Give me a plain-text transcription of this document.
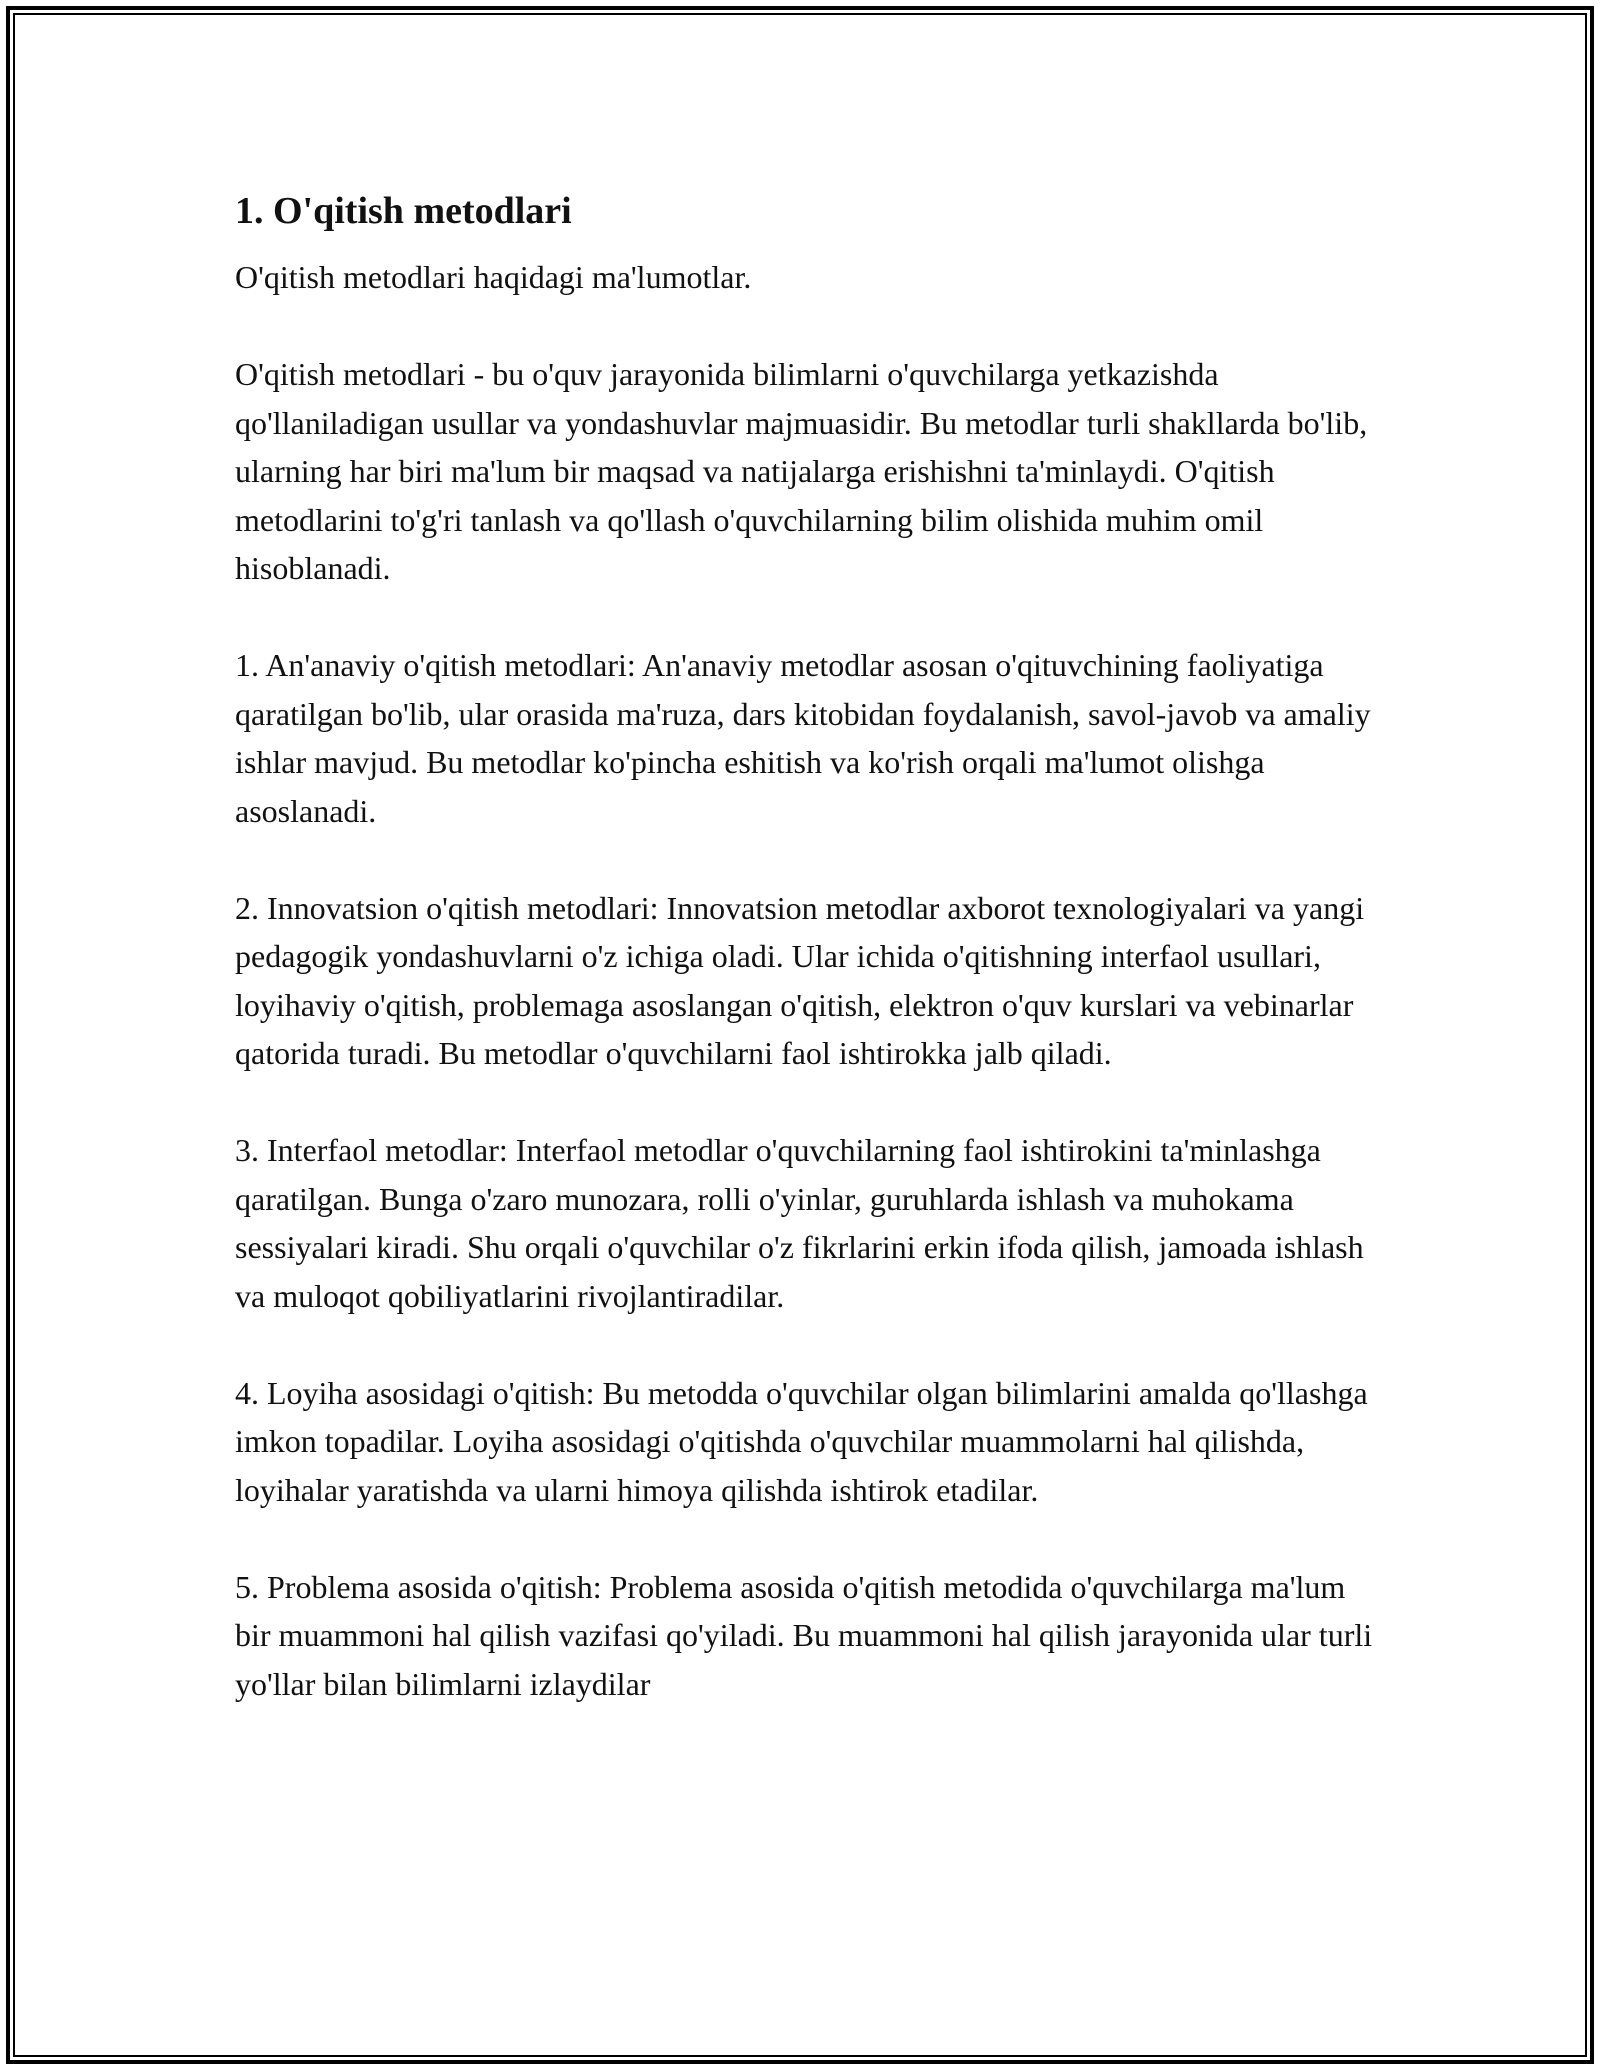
1. O'qitish metodlari

O'qitish metodlari haqidagi ma'lumotlar.

O'qitish metodlari - bu o'quv jarayonida bilimlarni o'quvchilarga yetkazishda qo'llaniladigan usullar va yondashuvlar majmuasidir. Bu metodlar turli shakllarda bo'lib, ularning har biri ma'lum bir maqsad va natijalarga erishishni ta'minlaydi. O'qitish metodlarini to'g'ri tanlash va qo'llash o'quvchilarning bilim olishida muhim omil hisoblanadi.

1. An'anaviy o'qitish metodlari: An'anaviy metodlar asosan o'qituvchining faoliyatiga qaratilgan bo'lib, ular orasida ma'ruza, dars kitobidan foydalanish, savol-javob va amaliy ishlar mavjud. Bu metodlar ko'pincha eshitish va ko'rish orqali ma'lumot olishga asoslanadi.

2. Innovatsion o'qitish metodlari: Innovatsion metodlar axborot texnologiyalari va yangi pedagogik yondashuvlarni o'z ichiga oladi. Ular ichida o'qitishning interfaol usullari, loyihaviy o'qitish, problemaga asoslangan o'qitish, elektron o'quv kurslari va vebinarlar qatorida turadi. Bu metodlar o'quvchilarni faol ishtirokka jalb qiladi.

3. Interfaol metodlar: Interfaol metodlar o'quvchilarning faol ishtirokini ta'minlashga qaratilgan. Bunga o'zaro munozara, rolli o'yinlar, guruhlarda ishlash va muhokama sessiyalari kiradi. Shu orqali o'quvchilar o'z fikrlarini erkin ifoda qilish, jamoada ishlash va muloqot qobiliyatlarini rivojlantiradilar.

4. Loyiha asosidagi o'qitish: Bu metodda o'quvchilar olgan bilimlarini amalda qo'llashga imkon topadilar. Loyiha asosidagi o'qitishda o'quvchilar muammolarni hal qilishda, loyihalar yaratishda va ularni himoya qilishda ishtirok etadilar.

5. Problema asosida o'qitish: Problema asosida o'qitish metodida o'quvchilarga ma'lum bir muammoni hal qilish vazifasi qo'yiladi. Bu muammoni hal qilish jarayonida ular turli yo'llar bilan bilimlarni izlaydilar
